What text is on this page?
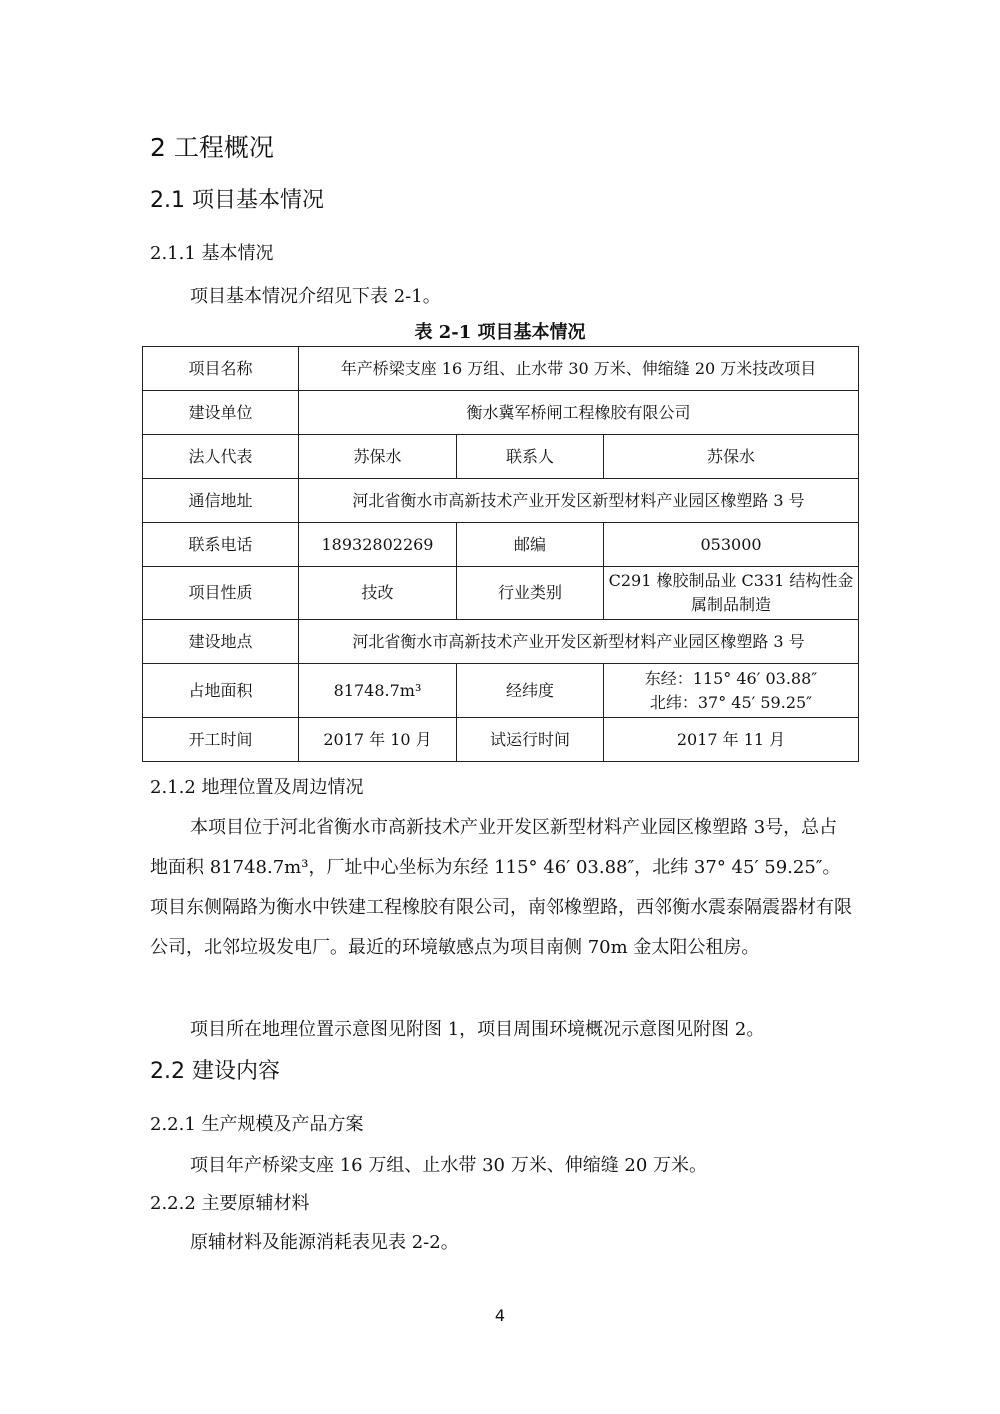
2 工程概况
2.1 项目基本情况
2.1.1 基本情况
项目基本情况介绍见下表 2-1。
表 2-1 项目基本情况
项目名称	年产桥梁支座 16 万组、止水带 30 万米、伸缩缝 20 万米技改项目		
建设单位	衡水冀军桥闸工程橡胶有限公司		
法人代表	苏保水	联系人	苏保水
通信地址	河北省衡水市高新技术产业开发区新型材料产业园区橡塑路 3 号		
联系电话	18932802269	邮编	053000
项目性质	技改	行业类别	C291 橡胶制品业 C331 结构性金属制品制造
建设地点	河北省衡水市高新技术产业开发区新型材料产业园区橡塑路 3 号		
占地面积	81748.7m³	经纬度	东经：115° 46′ 03.88″
北纬：37° 45′ 59.25″

开工时间	2017 年 10 月	试运行时间	2017 年 11 月
2.1.2 地理位置及周边情况
本项目位于河北省衡水市高新技术产业开发区新型材料产业园区橡塑路 3号，总占地面积 81748.7m³，厂址中心坐标为东经 115° 46′ 03.88″，北纬 37° 45′ 59.25″。项目东侧隔路为衡水中铁建工程橡胶有限公司，南邻橡塑路，西邻衡水震泰隔震器材有限公司，北邻垃圾发电厂。最近的环境敏感点为项目南侧 70m 金太阳公租房。
项目所在地理位置示意图见附图 1，项目周围环境概况示意图见附图 2。
2.2 建设内容
2.2.1 生产规模及产品方案
项目年产桥梁支座 16 万组、止水带 30 万米、伸缩缝 20 万米。
2.2.2 主要原辅材料
原辅材料及能源消耗表见表 2-2。
4
